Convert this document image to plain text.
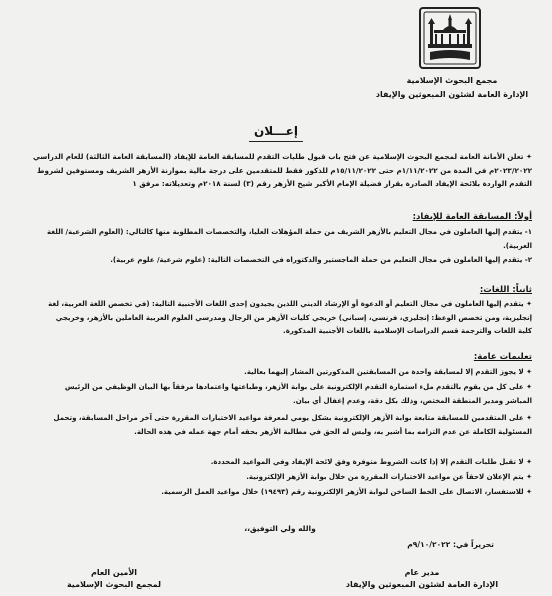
مجمع البحوث الإسلامية
الإدارة العامة لشئون المبعوثين والإيفاد
إعـــلان
✦ تعلن الأمانة العامة لمجمع البحوث الإسلامية عن فتح باب قبول طلبات التقدم للمسابقة العامة للإيفاد (المسابقة العامة الثالثة) للعام الدراسي ٢٠٢٣/٢٠٢٢م في المدة من ١/١١/٢٠٢٢م حتى ١٥/١١/٢٠٢٢م للذكور فقط للمتقدمين على درجة مالية بموازنة الأزهر الشريف ومستوفين لشروط التقدم الواردة بلائحة الإيفاد الصادرة بقرار فضيلة الإمام الأكبر شيخ الأزهر رقم (٣) لسنة ٢٠١٨م وتعديلاته: مرفق ١
أولاً: المسابقة العامة للإيفاد:
١- يتقدم إليها العاملون في مجال التعليم بالأزهر الشريف من حملة المؤهلات العليا، والتخصصات المطلوبة منها كالتالي: (العلوم الشرعية/ اللغة العربية).
٢- يتقدم إليها العاملون في مجال التعليم من حملة الماجستير والدكتوراه في التخصصات التالية: (علوم شرعية/ علوم عربية).
ثانياً: اللغات:
✦ يتقدم إليها العاملون في مجال التعليم أو الدعوة أو الإرشاد الديني اللذين يجيدون إحدى اللغات الأجنبية التالية: (في تخصص اللغة العربية، لغة إنجليزية، ومن تخصص الوعظ: إنجليزي، فرنسي، إسباني) خريجي كليات الأزهر من الرجال ومدرسي العلوم العربية العاملين بالأزهر، وخريجي كلية اللغات والترجمة قسم الدراسات الإسلامية باللغات الأجنبية المذكورة.
تعليمات عامة:
✦ لا يجوز التقدم إلا لمسابقة واحدة من المسابقتين المذكورتين المشار إليهما بعالية.
✦ على كل من يقوم بالتقدم ملء استمارة التقدم الإلكترونية على بوابة الأزهر، وطباعتها واعتمادها مرفقاً بها البيان الوظيفي من الرئيس المباشر ومدير المنطقة المختص، وذلك بكل دقة، وعدم إغفال أي بيان.
✦ على المتقدمين للمسابقة متابعة بوابة الأزهر الإلكترونية بشكل يومي لمعرفة مواعيد الاختبارات المقررة حتى آخر مراحل المسابقة، وتحمل المسئولية الكاملة عن عدم التزامه بما أشير به، وليس له الحق في مطالبة الأزهر بحقه أمام جهة عمله في هذه الحالة.
✦ لا تقبل طلبات التقدم إلا إذا كانت الشروط متوفرة وفق لائحة الإيفاد وفي المواعيد المحددة.
✦ يتم الإعلان لاحقاً عن مواعيد الاختبارات المقررة من خلال بوابة الأزهر الإلكترونية.
✦ للاستفسار، الاتصال على الخط الساخن لبوابة الأزهر الإلكترونية رقم (١٩٤٩٣) خلال مواعيد العمل الرسمية.
والله ولي التوفيق،،
تحريراً في: ٩/١٠/٢٠٢٢م
الأمين العام
لمجمع البحوث الإسلامية
مدير عام
الإدارة العامة لشئون المبعوثين والإيفاد
